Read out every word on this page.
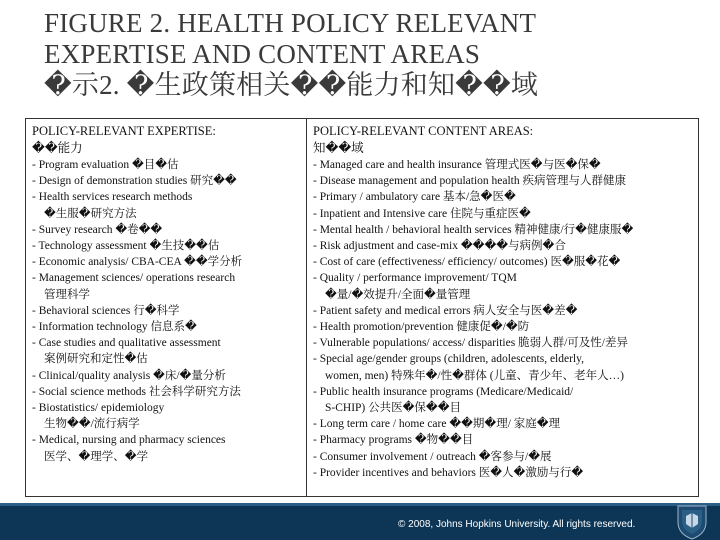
FIGURE 2. HEALTH POLICY RELEVANT
EXPERTISE AND CONTENT AREAS
�示2. �生政策相关��能力和知��域
POLICY-RELEVANT EXPERTISE:
��能力
- Program evaluation �目�估
- Design of demonstration studies 研究��
- Health services research methods
�生服�研究方法
- Survey research �卷��
- Technology assessment �生技��估
- Economic analysis/ CBA-CEA ��学分析
- Management sciences/ operations research
管理科学
- Behavioral sciences 行�科学
- Information technology 信息系�
- Case studies and qualitative assessment
案例研究和定性�估
- Clinical/quality analysis �床/�量分析
- Social science methods 社会科学研究方法
- Biostatistics/ epidemiology
生物��/流行病学
- Medical, nursing and pharmacy sciences
医学、�理学、�学
POLICY-RELEVANT CONTENT AREAS:
知��域
- Managed care and health insurance 管理式医�与医�保�
- Disease management and population health 疾病管理与人群健康
- Primary / ambulatory care 基本/急�医�
- Inpatient and Intensive care 住院与重症医�
- Mental health / behavioral health services 精神健康/行�健康服�
- Risk adjustment and case-mix ����与病例�合
- Cost of care (effectiveness/ efficiency/ outcomes) 医�服�花�
- Quality / performance improvement/ TQM
�量/�效提升/全面�量管理
- Patient safety and medical errors 病人安全与医�差�
- Health promotion/prevention 健康促�/�防
- Vulnerable populations/ access/ disparities 脆弱人群/可及性/差异
- Special age/gender groups (children, adolescents, elderly,
women, men) 特殊年�/性�群体 (儿童、青少年、老年人…)
- Public health insurance programs (Medicare/Medicaid/
S-CHIP) 公共医�保��目
- Long term care / home care ��期�理/ 家庭�理
- Pharmacy programs �物��目
- Consumer involvement / outreach �客参与/�展
- Provider incentives and behaviors 医�人�激励与行�
© 2008, Johns Hopkins University. All rights reserved.
